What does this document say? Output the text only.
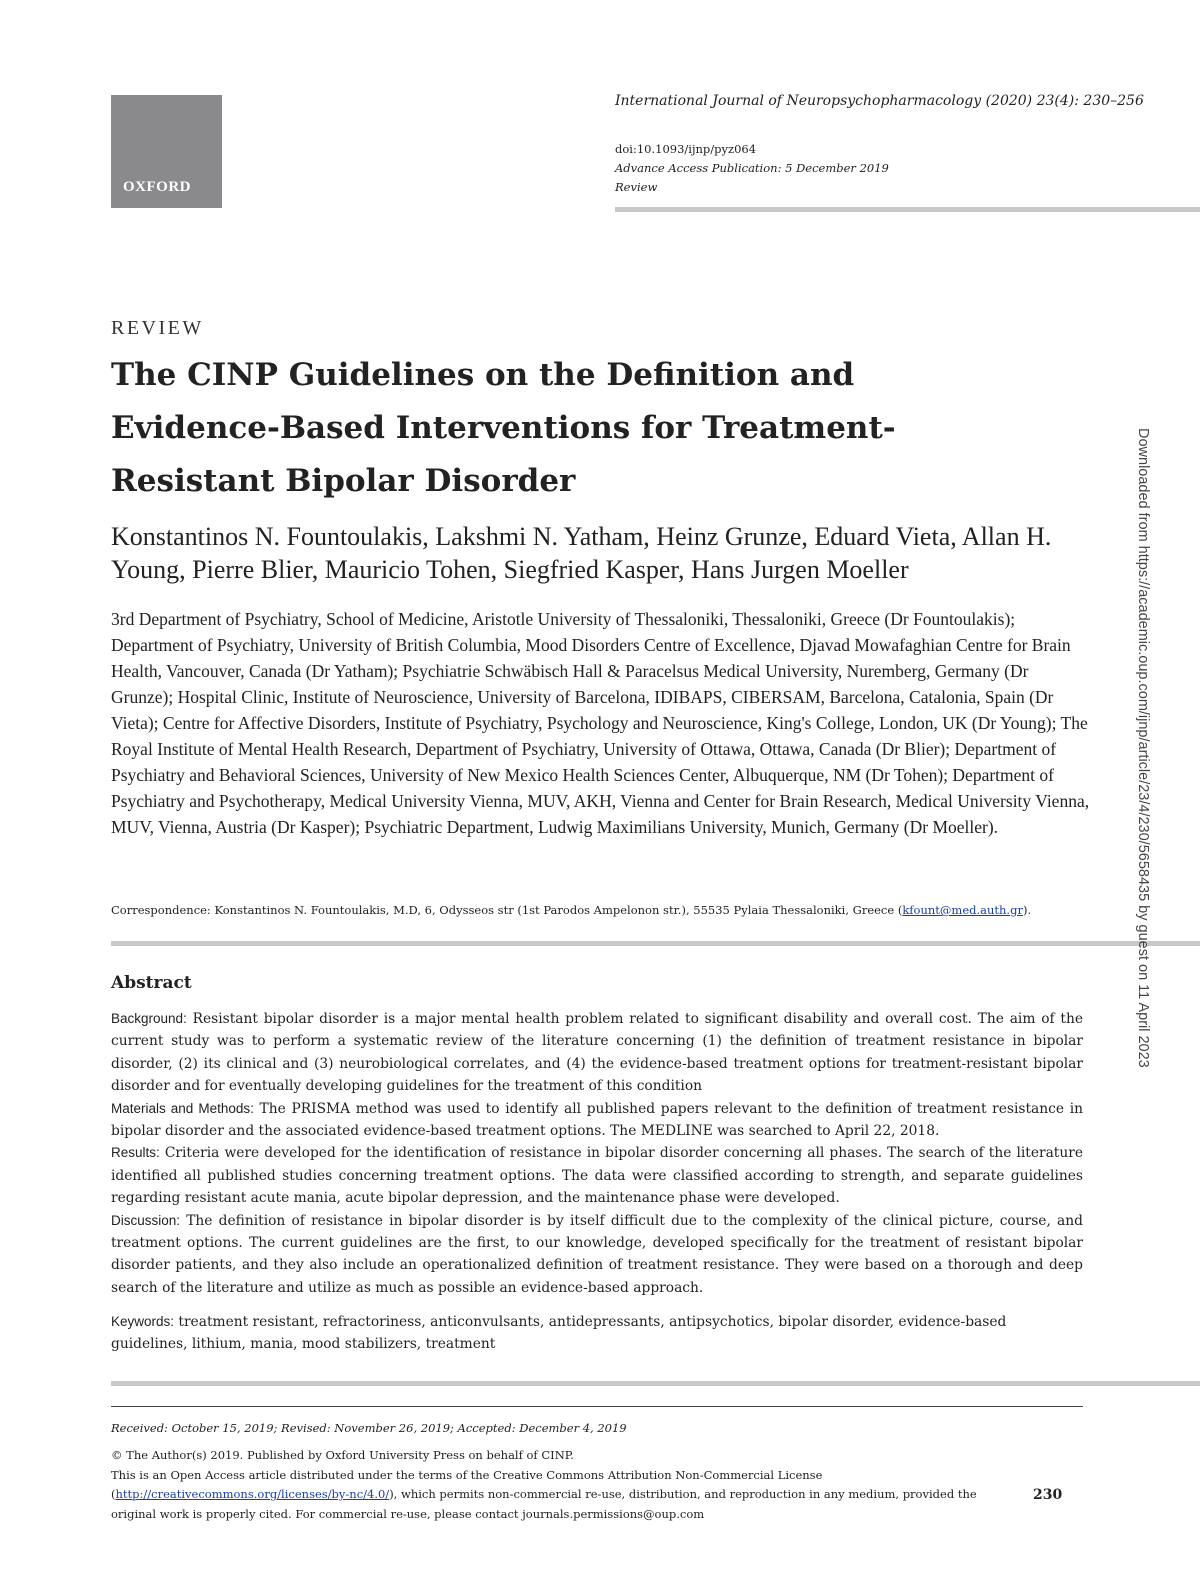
OXFORD
International Journal of Neuropsychopharmacology (2020) 23(4): 230–256
doi:10.1093/ijnp/pyz064
Advance Access Publication: 5 December 2019
Review
REVIEW
The CINP Guidelines on the Definition and Evidence-Based Interventions for Treatment-Resistant Bipolar Disorder
Konstantinos N. Fountoulakis, Lakshmi N. Yatham, Heinz Grunze, Eduard Vieta, Allan H. Young, Pierre Blier, Mauricio Tohen, Siegfried Kasper, Hans Jurgen Moeller
3rd Department of Psychiatry, School of Medicine, Aristotle University of Thessaloniki, Thessaloniki, Greece (Dr Fountoulakis); Department of Psychiatry, University of British Columbia, Mood Disorders Centre of Excellence, Djavad Mowafaghian Centre for Brain Health, Vancouver, Canada (Dr Yatham); Psychiatrie Schwäbisch Hall & Paracelsus Medical University, Nuremberg, Germany (Dr Grunze); Hospital Clinic, Institute of Neuroscience, University of Barcelona, IDIBAPS, CIBERSAM, Barcelona, Catalonia, Spain (Dr Vieta); Centre for Affective Disorders, Institute of Psychiatry, Psychology and Neuroscience, King's College, London, UK (Dr Young); The Royal Institute of Mental Health Research, Department of Psychiatry, University of Ottawa, Ottawa, Canada (Dr Blier); Department of Psychiatry and Behavioral Sciences, University of New Mexico Health Sciences Center, Albuquerque, NM (Dr Tohen); Department of Psychiatry and Psychotherapy, Medical University Vienna, MUV, AKH, Vienna and Center for Brain Research, Medical University Vienna, MUV, Vienna, Austria (Dr Kasper); Psychiatric Department, Ludwig Maximilians University, Munich, Germany (Dr Moeller).
Correspondence: Konstantinos N. Fountoulakis, M.D, 6, Odysseos str (1st Parodos Ampelonon str.), 55535 Pylaia Thessaloniki, Greece (kfount@med.auth.gr).
Abstract
Background: Resistant bipolar disorder is a major mental health problem related to significant disability and overall cost. The aim of the current study was to perform a systematic review of the literature concerning (1) the definition of treatment resistance in bipolar disorder, (2) its clinical and (3) neurobiological correlates, and (4) the evidence-based treatment options for treatment-resistant bipolar disorder and for eventually developing guidelines for the treatment of this condition
Materials and Methods: The PRISMA method was used to identify all published papers relevant to the definition of treatment resistance in bipolar disorder and the associated evidence-based treatment options. The MEDLINE was searched to April 22, 2018.
Results: Criteria were developed for the identification of resistance in bipolar disorder concerning all phases. The search of the literature identified all published studies concerning treatment options. The data were classified according to strength, and separate guidelines regarding resistant acute mania, acute bipolar depression, and the maintenance phase were developed.
Discussion: The definition of resistance in bipolar disorder is by itself difficult due to the complexity of the clinical picture, course, and treatment options. The current guidelines are the first, to our knowledge, developed specifically for the treatment of resistant bipolar disorder patients, and they also include an operationalized definition of treatment resistance. They were based on a thorough and deep search of the literature and utilize as much as possible an evidence-based approach.
Keywords: treatment resistant, refractoriness, anticonvulsants, antidepressants, antipsychotics, bipolar disorder, evidence-based guidelines, lithium, mania, mood stabilizers, treatment
Received: October 15, 2019; Revised: November 26, 2019; Accepted: December 4, 2019
© The Author(s) 2019. Published by Oxford University Press on behalf of CINP.
This is an Open Access article distributed under the terms of the Creative Commons Attribution Non-Commercial License (http://creativecommons.org/licenses/by-nc/4.0/), which permits non-commercial re-use, distribution, and reproduction in any medium, provided the original work is properly cited. For commercial re-use, please contact journals.permissions@oup.com
230
Downloaded from https://academic.oup.com/ijnp/article/23/4/230/5658435 by guest on 11 April 2023
